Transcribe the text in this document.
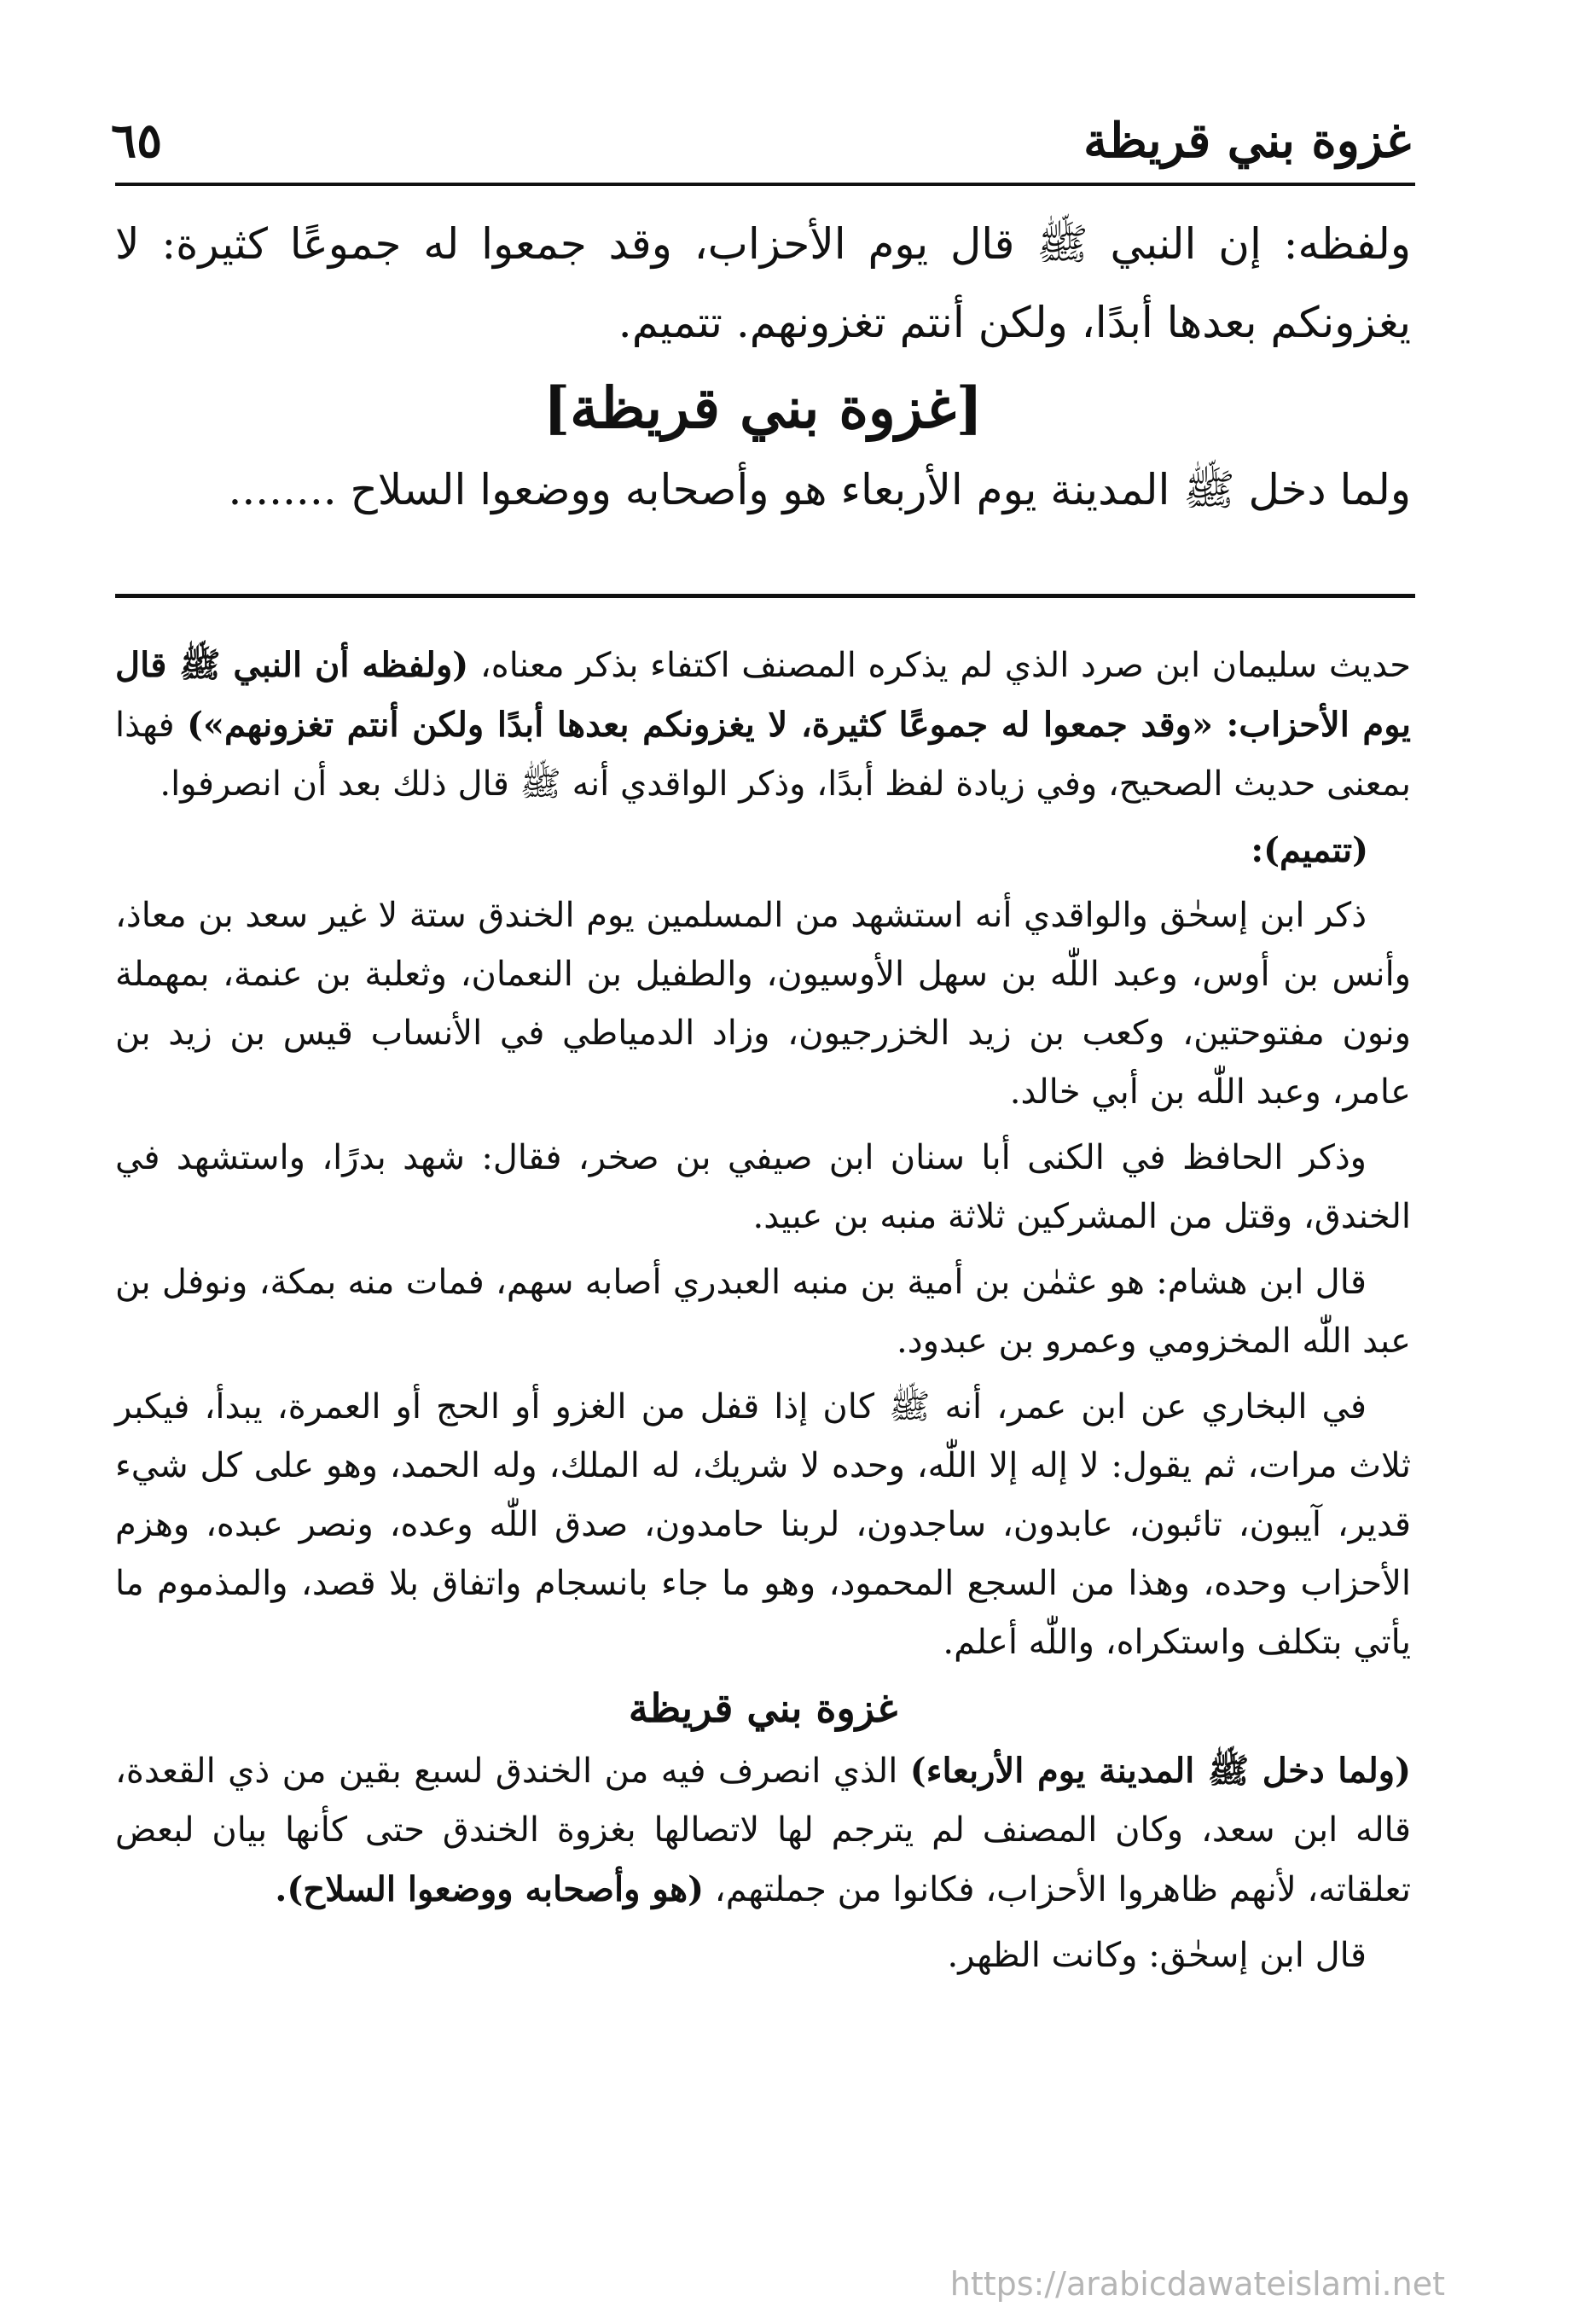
٦٥	غزوة بني قريظة

ولفظه: إن النبي ﷺ قال يوم الأحزاب، وقد جمعوا له جموعًا كثيرة: لا يغزونكم بعدها أبدًا، ولكن أنتم تغزونهم. تتميم.

[غزوة بني قريظة]

ولما دخل ﷺ المدينة يوم الأربعاء هو وأصحابه ووضعوا السلاح ........

حديث سليمان ابن صرد الذي لم يذكره المصنف اكتفاء بذكر معناه، (ولفظه أن النبي ﷺ قال يوم الأحزاب: «وقد جمعوا له جموعًا كثيرة، لا يغزونكم بعدها أبدًا ولكن أنتم تغزونهم») فهذا بمعنى حديث الصحيح، وفي زيادة لفظ أبدًا، وذكر الواقدي أنه ﷺ قال ذلك بعد أن انصرفوا.

(تتميم):

ذكر ابن إسحٰق والواقدي أنه استشهد من المسلمين يوم الخندق ستة لا غير سعد بن معاذ، وأنس بن أوس، وعبد اللّٰه بن سهل الأوسيون، والطفيل بن النعمان، وثعلبة بن عنمة، بمهملة ونون مفتوحتين، وكعب بن زيد الخزرجيون، وزاد الدمياطي في الأنساب قيس بن زيد بن عامر، وعبد اللّٰه بن أبي خالد.

وذكر الحافظ في الكنى أبا سنان ابن صيفي بن صخر، فقال: شهد بدرًا، واستشهد في الخندق، وقتل من المشركين ثلاثة منبه بن عبيد.

قال ابن هشام: هو عثمٰن بن أمية بن منبه العبدري أصابه سهم، فمات منه بمكة، ونوفل بن عبد اللّٰه المخزومي وعمرو بن عبدود.

في البخاري عن ابن عمر، أنه ﷺ كان إذا قفل من الغزو أو الحج أو العمرة، يبدأ، فيكبر ثلاث مرات، ثم يقول: لا إله إلا اللّٰه، وحده لا شريك، له الملك، وله الحمد، وهو على كل شيء قدير، آيبون، تائبون، عابدون، ساجدون، لربنا حامدون، صدق اللّٰه وعده، ونصر عبده، وهزم الأحزاب وحده، وهذا من السجع المحمود، وهو ما جاء بانسجام واتفاق بلا قصد، والمذموم ما يأتي بتكلف واستكراه، واللّٰه أعلم.

غزوة بني قريظة

(ولما دخل ﷺ المدينة يوم الأربعاء) الذي انصرف فيه من الخندق لسبع بقين من ذي القعدة، قاله ابن سعد، وكان المصنف لم يترجم لها لاتصالها بغزوة الخندق حتى كأنها بيان لبعض تعلقاته، لأنهم ظاهروا الأحزاب، فكانوا من جملتهم، (هو وأصحابه ووضعوا السلاح).

قال ابن إسحٰق: وكانت الظهر.

https://arabicdawateislami.net
